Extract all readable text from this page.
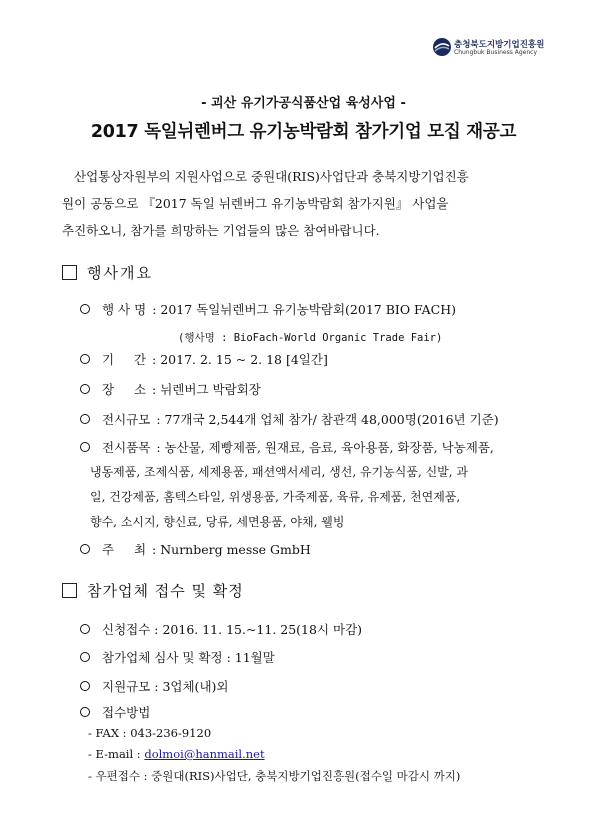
충청북도지방기업진흥원
Chungbuk Business Agency
- 괴산 유기가공식품산업 육성사업 -
2017 독일뉘렌버그 유기농박람회 참가기업 모집 재공고
산업통상자원부의 지원사업으로 중원대(RIS)사업단과 충북지방기업진흥
원이 공동으로 『2017 독일 뉘렌버그 유기농박람회 참가지원』 사업을
추진하오니, 참가를 희망하는 기업들의 많은 참여바랍니다.
행사개요
행 사 명 : 2017 독일뉘렌버그 유기농박람회(2017 BIO FACH)
(행사명 : BioFach-World Organic Trade Fair)
기     간 : 2017. 2. 15 ~ 2. 18 [4일간]
장     소 : 뉘렌버그 박람회장
전시규모 : 77개국 2,544개 업체 참가/ 참관객 48,000명(2016년 기준)
전시품목 : 농산물, 제빵제품, 원재료, 음료, 육아용품, 화장품, 낙농제품,
냉동제품, 조제식품, 세제용품, 패션액서세리, 생선, 유기농식품, 신발, 과
일, 건강제품, 홈텍스타일, 위생용품, 가죽제품, 육류, 유제품, 천연제품,
향수, 소시지, 향신료, 당류, 세면용품, 야채, 웰빙
주     최 : Nurnberg messe GmbH
참가업체 접수 및 확정
신청접수 : 2016. 11. 15.~11. 25(18시 마감)
참가업체 심사 및 확정 : 11월말
지원규모 : 3업체(내)외
접수방법
- FAX : 043-236-9120
- E-mail : dolmoi@hanmail.net
- 우편접수 : 중원대(RIS)사업단, 충북지방기업진흥원(접수일 마감시 까지)
